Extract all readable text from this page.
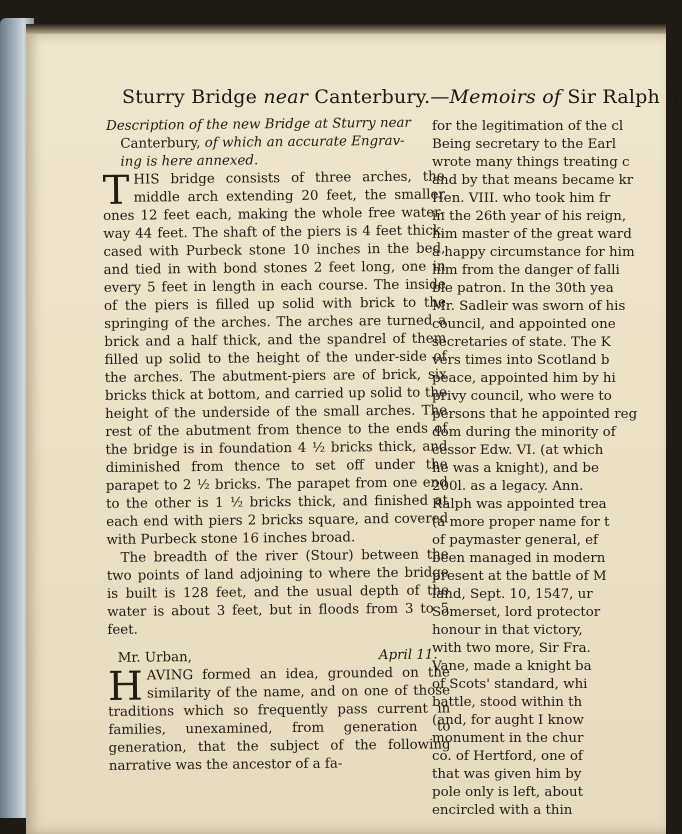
Sturry Bridge near Canterbury.—Memoirs of Sir Ralph S

Description of the new Bridge at Sturry near
Canterbury, of which an accurate Engrav-
ing is here annexed.

T HIS bridge consists of three arches, the middle arch extending 20 feet, the smaller ones 12 feet each, making the whole free water-way 44 feet. The shaft of the piers is 4 feet thick, cased with Purbeck stone 10 inches in the bed, and tied in with bond stones 2 feet long, one in every 5 feet in length in each course. The inside of the piers is filled up solid with brick to the springing of the arches. The arches are turned a brick and a half thick, and the spandrel of them filled up solid to the height of the under-side of the arches. The abutment-piers are of brick, six bricks thick at bottom, and carried up solid to the height of the underside of the small arches. The rest of the abutment from thence to the ends of the bridge is in foundation 4 ½ bricks thick, and diminished from thence to set off under the parapet to 2 ½ bricks. The parapet from one end to the other is 1 ½ bricks thick, and finished at each end with piers 2 bricks square, and covered with Purbeck stone 16 inches broad.

The breadth of the river (Stour) between the two points of land adjoining to where the bridge is built is 128 feet, and the usual depth of the water is about 3 feet, but in floods from 3 to 5 feet.

Mr. Urban,	April 11.

H AVING formed an idea, grounded on the similarity of the name, and on one of those traditions which so frequently pass current in families, unexamined, from generation to generation, that the subject of the following narrative was the ancestor of a fa-

for the legitimation of the cl
Being secretary to the Earl
wrote many things treating c
and by that means became kr
Hen. VIII. who took him fr
in the 26th year of his reign,
him master of the great ward
a happy circumstance for him
him from the danger of falli
ble patron. In the 30th yea
Mr. Sadleir was sworn of his
council, and appointed one
secretaries of state. The K
vers times into Scotland b
peace, appointed him by hi
privy council, who were to
persons that he appointed reg
dom during the minority of
cessor Edw. VI. (at which
he was a knight), and be
200l. as a legacy. Ann.
Ralph was appointed trea
(a more proper name for t
of paymaster general, ef
been managed in modern
present at the battle of M
land, Sept. 10, 1547, ur
Somerset, lord protector
honour in that victory,
with two more, Sir Fra.
Vane, made a knight ba
of Scots' standard, whi
battle, stood within th
(and, for aught I know
monument in the chur
co. of Hertford, one of
that was given him by
pole only is left, about
encircled with a thin
